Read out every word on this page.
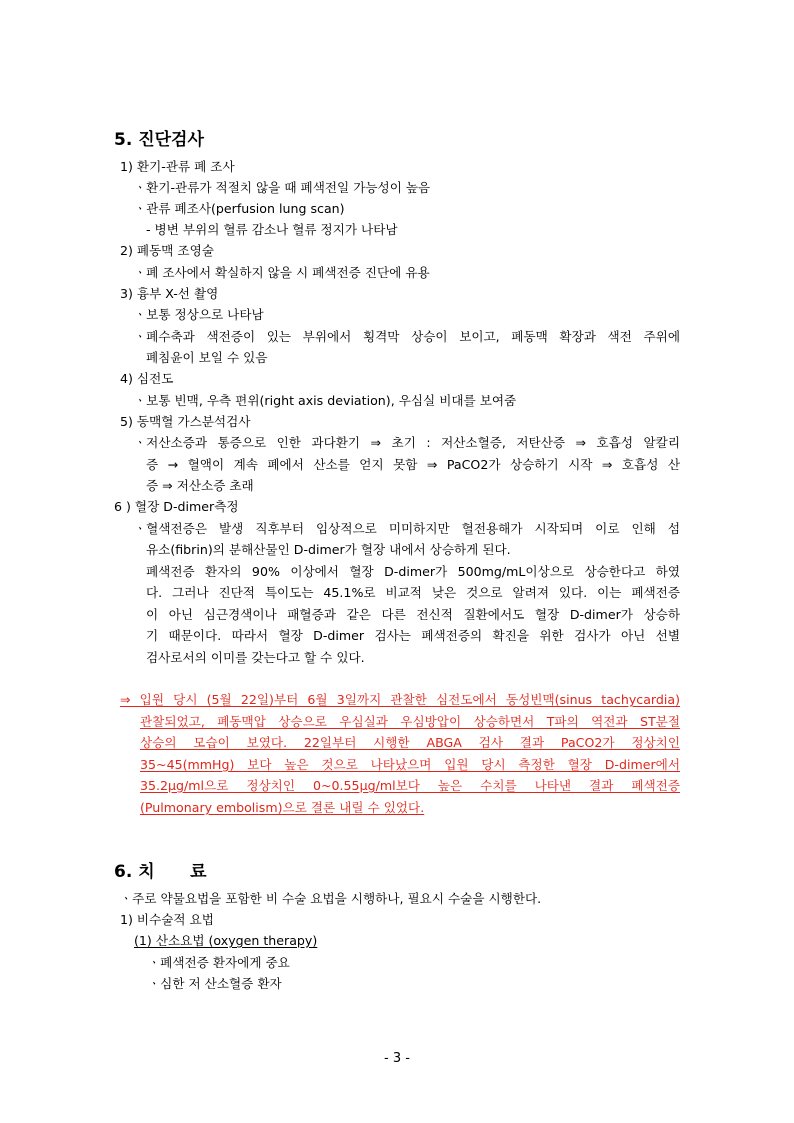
5. 진단검사
1) 환기-관류 폐 조사
ㆍ환기-관류가 적절치 않을 때 폐색전일 가능성이 높음
ㆍ관류 폐조사(perfusion lung scan)
- 병변 부위의 혈류 감소나 혈류 정지가 나타남
2) 폐동맥 조영술
ㆍ폐 조사에서 확실하지 않을 시 폐색전증 진단에 유용
3) 흉부 X-선 촬영
ㆍ보통 정상으로 나타남
ㆍ폐수축과 색전증이 있는 부위에서 횡격막 상승이 보이고, 폐동맥 확장과 색전 주위에
폐침윤이 보일 수 있음
4) 심전도
ㆍ보통 빈맥, 우측 편위(right axis deviation), 우심실 비대를 보여줌
5) 동맥혈 가스분석검사
ㆍ저산소증과 통증으로 인한 과다환기 ⇒ 초기 : 저산소혈증, 저탄산증 ⇒ 호흡성 알칼리
증 → 혈액이 계속 폐에서 산소를 얻지 못함 ⇒ PaCO2가 상승하기 시작 ⇒ 호흡성 산
증 ⇒ 저산소증 초래
6 ) 혈장 D-dimer측정
ㆍ혈색전증은 발생 직후부터 임상적으로 미미하지만 혈전용해가 시작되며 이로 인해 섬
유소(fibrin)의 분해산물인 D-dimer가 혈장 내에서 상승하게 된다.
폐색전증 환자의 90% 이상에서 혈장 D-dimer가 500mg/mL이상으로 상승한다고 하였
다. 그러나 진단적 특이도는 45.1%로 비교적 낮은 것으로 알려져 있다. 이는 폐색전증
이 아닌 심근경색이나 패혈증과 같은 다른 전신적 질환에서도 혈장 D-dimer가 상승하
기 때문이다. 따라서 혈장 D-dimer 검사는 폐색전증의 확진을 위한 검사가 아닌 선별
검사로서의 이미를 갖는다고 할 수 있다.
⇒ 입원 당시 (5월 22일)부터 6월 3일까지 관찰한 심전도에서 동성빈맥(sinus tachycardia)
관찰되었고, 폐동맥압 상승으로 우심실과 우심방압이 상승하면서 T파의 역전과 ST분절
상승의 모습이 보였다. 22일부터 시행한 ABGA 검사 결과 PaCO2가 정상치인
35~45(mmHg) 보다 높은 것으로 나타났으며 입원 당시 측정한 혈장 D-dimer에서
35.2μg/ml으로 정상치인 0~0.55μg/ml보다 높은 수치를 나타낸 결과 폐색전증
(Pulmonary embolism)으로 결론 내릴 수 있었다.
6. 치      료
ㆍ주로 약물요법을 포함한 비 수술 요법을 시행하나, 필요시 수술을 시행한다.
1) 비수술적 요법
(1) 산소요법 (oxygen therapy)
ㆍ폐색전증 환자에게 중요
ㆍ심한 저 산소혈증 환자
- 3 -
